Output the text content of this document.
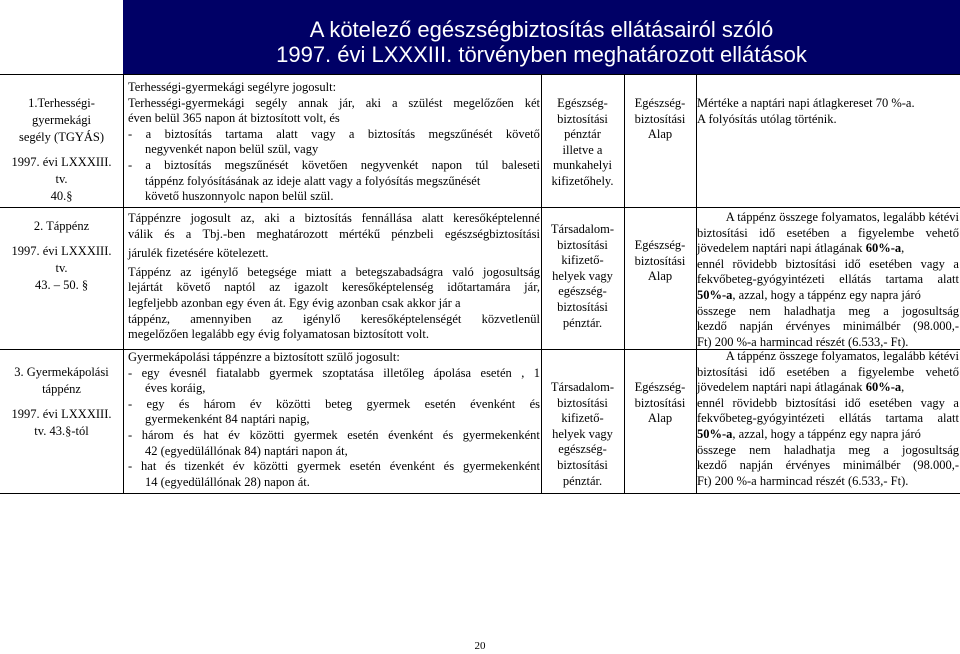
A kötelező egészségbiztosítás ellátásairól szóló
1997. évi LXXXIII. törvényben meghatározott ellátások
1.Terhességi-
gyermekági
segély (TGYÁS)

1997. évi LXXXIII.
tv.
40.§
2. Táppénz

1997. évi LXXXIII.
tv.
43. – 50. §
3. Gyermekápolási
táppénz

1997. évi LXXXIII.
tv. 43.§-tól
Terhességi-gyermekági segélyre jogosult:
Terhességi-gyermekági segély annak jár, aki a szülést megelőzően két
éven belül 365 napon át biztosított volt, és
- a biztosítás tartama alatt vagy a biztosítás megszűnését követő
negyvenkét napon belül szül, vagy
- a biztosítás megszűnését követően negyvenkét napon túl baleseti
táppénz folyósításának az ideje alatt vagy a folyósítás megszűnését
követő huszonnyolc napon belül szül.
Egészség-
biztosítási
pénztár
illetve a
munkahelyi
kifizetőhely.
Egészség-
biztosítási
Alap
Mértéke a naptári napi átlagkereset 70 %-a.
A folyósítás utólag történik.
Táppénzre jogosult az, aki a biztosítás fennállása alatt keresőképtelenné
válik és a Tbj.-ben meghatározott mértékű pénzbeli egészségbiztosítási
járulék fizetésére kötelezett.
Táppénz az igénylő betegsége miatt a betegszabadságra való jogosultság
lejártát követő naptól az igazolt keresőképtelenség időtartamára jár,
legfeljebb azonban egy éven át. Egy évig azonban csak akkor jár a
táppénz, amennyiben az igénylő keresőképtelenségét közvetlenül
megelőzően legalább egy évig folyamatosan biztosított volt.
Társadalom-
biztosítási
kifizető-
helyek vagy
egészség-
biztosítási
pénztár.
Egészség-
biztosítási
Alap
A táppénz összege folyamatos, legalább kétévi
biztosítási idő esetében a figyelembe vehető
jövedelem naptári napi átlagának 60%-a,
ennél rövidebb biztosítási idő esetében vagy a
fekvőbeteg-gyógyintézeti ellátás tartama alatt
50%-a, azzal, hogy a táppénz egy napra járó
összege nem haladhatja meg a jogosultság
kezdő napján érvényes minimálbér (98.000,-
Ft) 200 %-a harmincad részét (6.533,- Ft).
Gyermekápolási táppénzre a biztosított szülő jogosult:
- egy évesnél fiatalabb gyermek szoptatása illetőleg ápolása esetén , 1
éves koráig,
- egy és három év közötti beteg gyermek esetén évenként és
gyermekenként 84 naptári napig,
- három és hat év közötti gyermek esetén évenként és gyermekenként
42 (egyedülállónak 84) naptári napon át,
- hat és tizenkét év közötti gyermek esetén évenként és gyermekenként
14 (egyedülállónak 28) napon át.
Társadalom-
biztosítási
kifizető-
helyek vagy
egészség-
biztosítási
pénztár.
Egészség-
biztosítási
Alap
A táppénz összege folyamatos, legalább kétévi
biztosítási idő esetében a figyelembe vehető
jövedelem naptári napi átlagának 60%-a,
ennél rövidebb biztosítási idő esetében vagy a
fekvőbeteg-gyógyintézeti ellátás tartama alatt
50%-a, azzal, hogy a táppénz egy napra járó
összege nem haladhatja meg a jogosultság
kezdő napján érvényes minimálbér (98.000,-
Ft) 200 %-a harmincad részét (6.533,- Ft).
20
